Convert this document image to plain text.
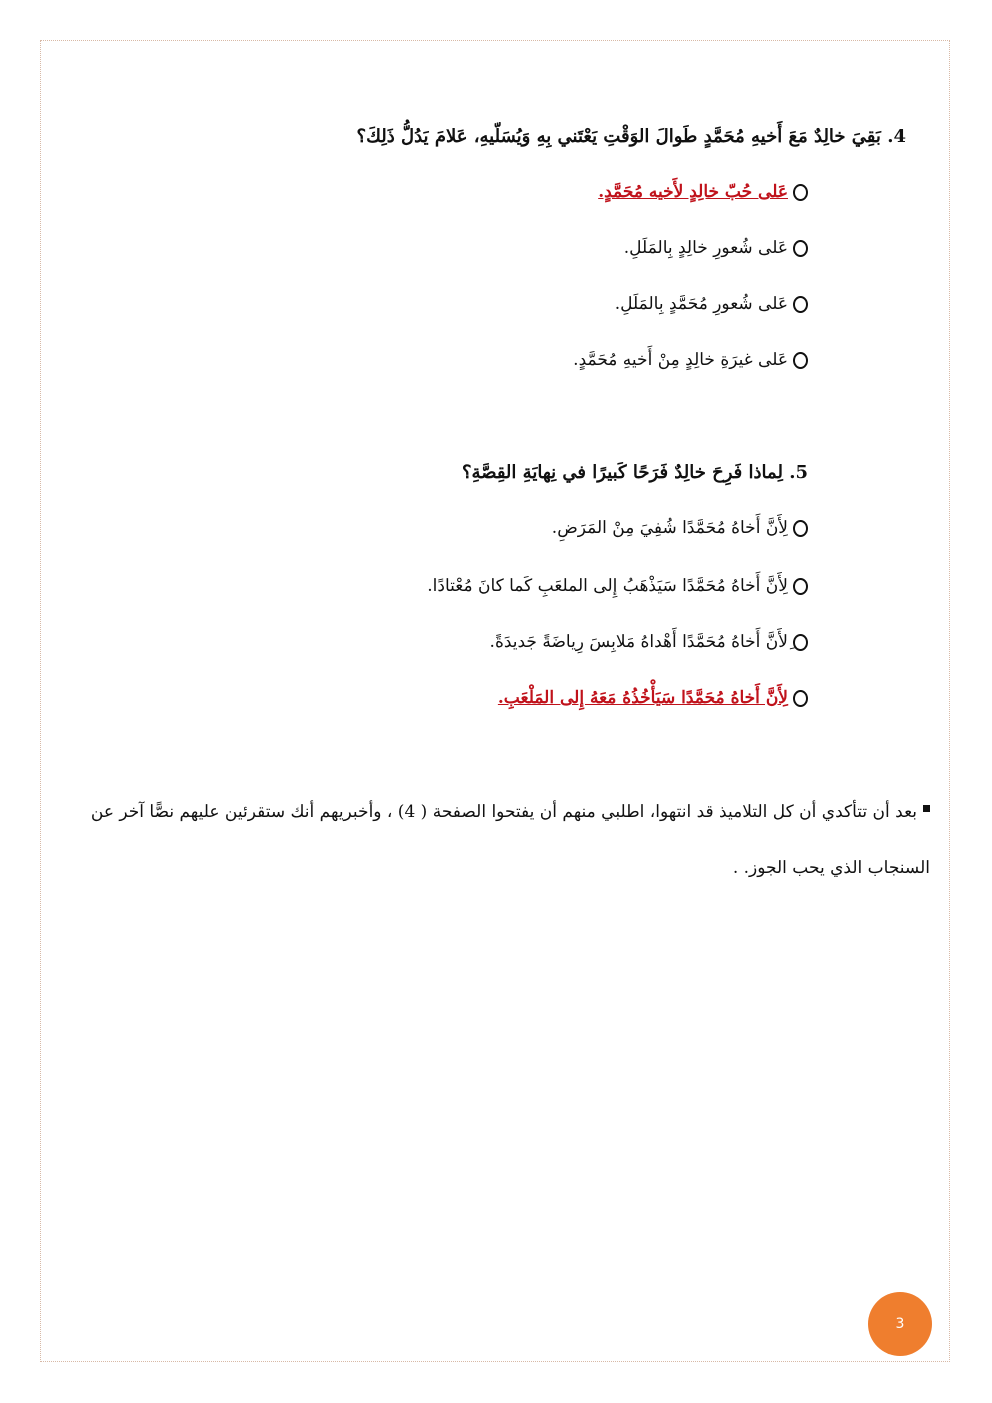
4. بَقِيَ خالِدٌ مَعَ أَخيهِ مُحَمَّدٍ طَوالَ الوَقْتِ يَعْتَني بِهِ وَيُسَلّيهِ، عَلامَ يَدُلُّ ذَلِكَ؟
عَلى حُبّ خالِدٍ لأَخيه مُحَمَّدٍ.
عَلى شُعورِ خالِدٍ بِالمَلَلِ.
عَلى شُعورِ مُحَمَّدٍ بِالمَلَلِ.
عَلى غيرَةِ خالِدٍ مِنْ أَخيهِ مُحَمَّدٍ.
5. لِماذا فَرِحَ خالِدٌ فَرَحًا كَبيرًا في نِهايَةِ القِصَّةِ؟
لِأَنَّ أَخاهُ مُحَمَّدًا شُفِيَ مِنْ المَرَضِ.
لِأَنَّ أَخاهُ مُحَمَّدًا سَيَذْهَبُ إِلى الملعَبِ كَما كانَ مُعْتادًا.
ِلأَنَّ أَخاهُ مُحَمَّدًا أَهْداهُ مَلابِسَ رِياضَةً جَديدَةً.
لِأَنَّ أَخاهُ مُحَمَّدًا سَيَأْخُذُهُ مَعَهُ إِلى المَلْعَبِ.
بعد أن تتأكدي أن كل التلاميذ قد انتهوا، اطلبي منهم أن يفتحوا الصفحة ( 4) ، وأخبريهم أنك ستقرئين عليهم نصًّا آخر عن
السنجاب الذي يحب الجوز. .
3
